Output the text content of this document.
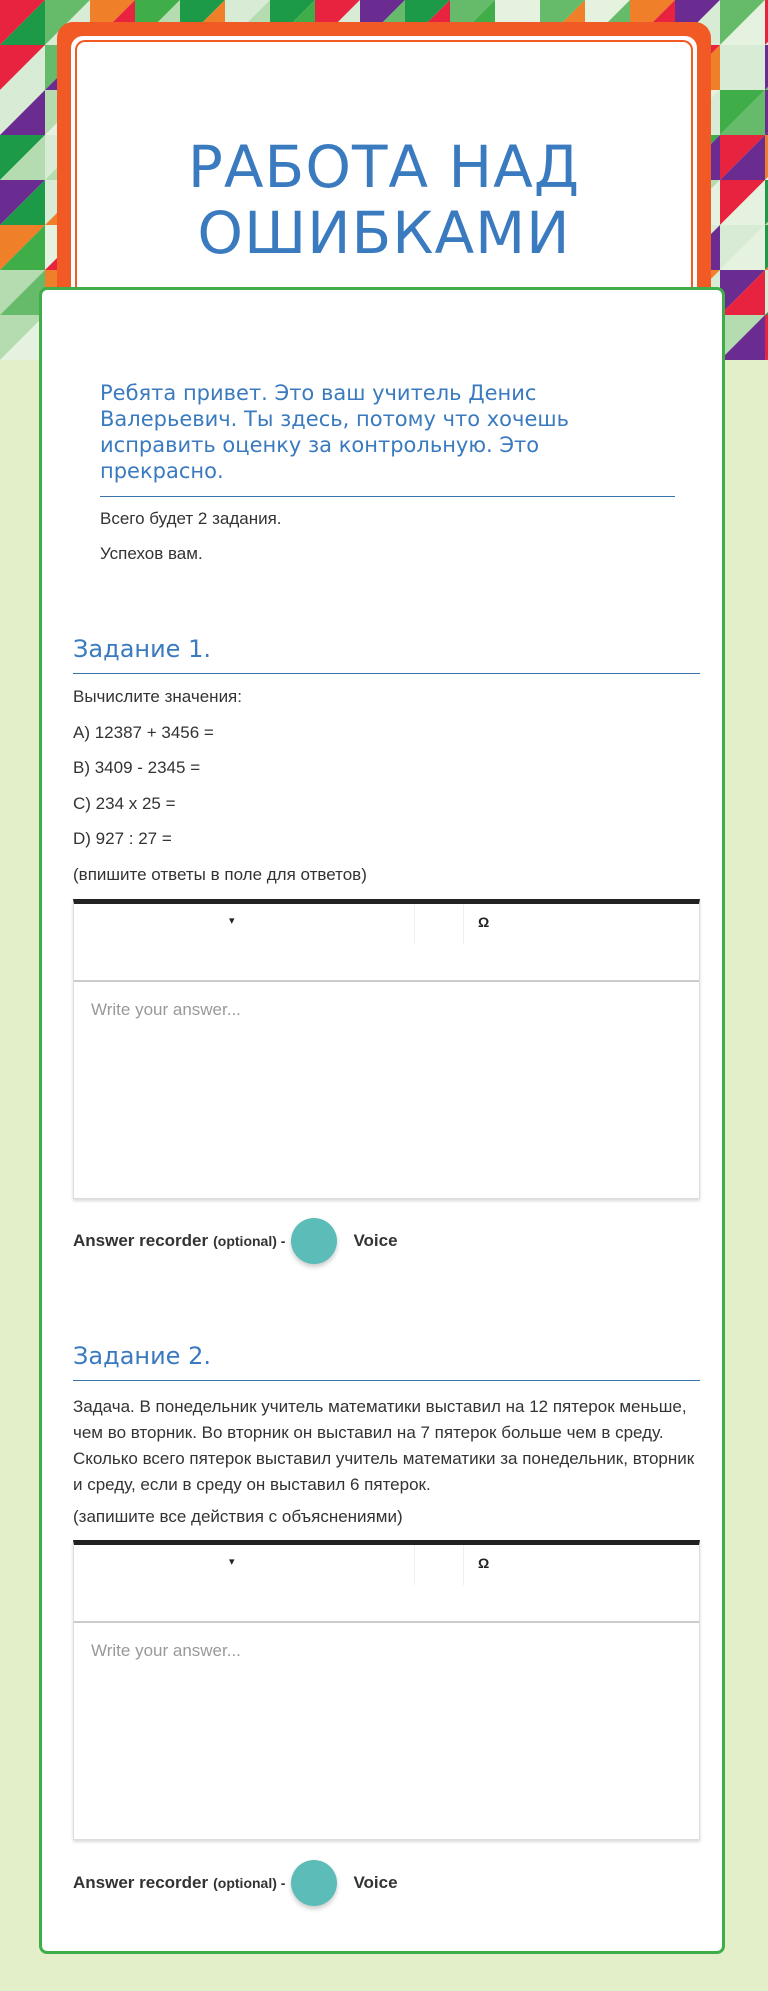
РАБОТА НАД
ОШИБКАМИ
Ребята привет. Это ваш учитель Денис Валерьевич. Ты здесь, потому что хочешь исправить оценку за контрольную. Это прекрасно.
Всего будет 2 задания.
Успехов вам.
Задание 1.
Вычислите значения:
A) 12387 + 3456 =
B) 3409 - 2345 =
C) 234 x 25 =
D) 927 : 27 =
(впишите ответы в поле для ответов)
▾	Ω
Write your answer...
Answer recorder (optional) -	Voice
Задание 2.
Задача. В понедельник учитель математики выставил на 12 пятерок меньше, чем во вторник. Во вторник он выставил на 7 пятерок больше чем в среду. Сколько всего пятерок выставил учитель математики за понедельник, вторник и среду, если в среду он выставил 6 пятерок.
(запишите все действия с объяснениями)
▾	Ω
Write your answer...
Answer recorder (optional) -	Voice
